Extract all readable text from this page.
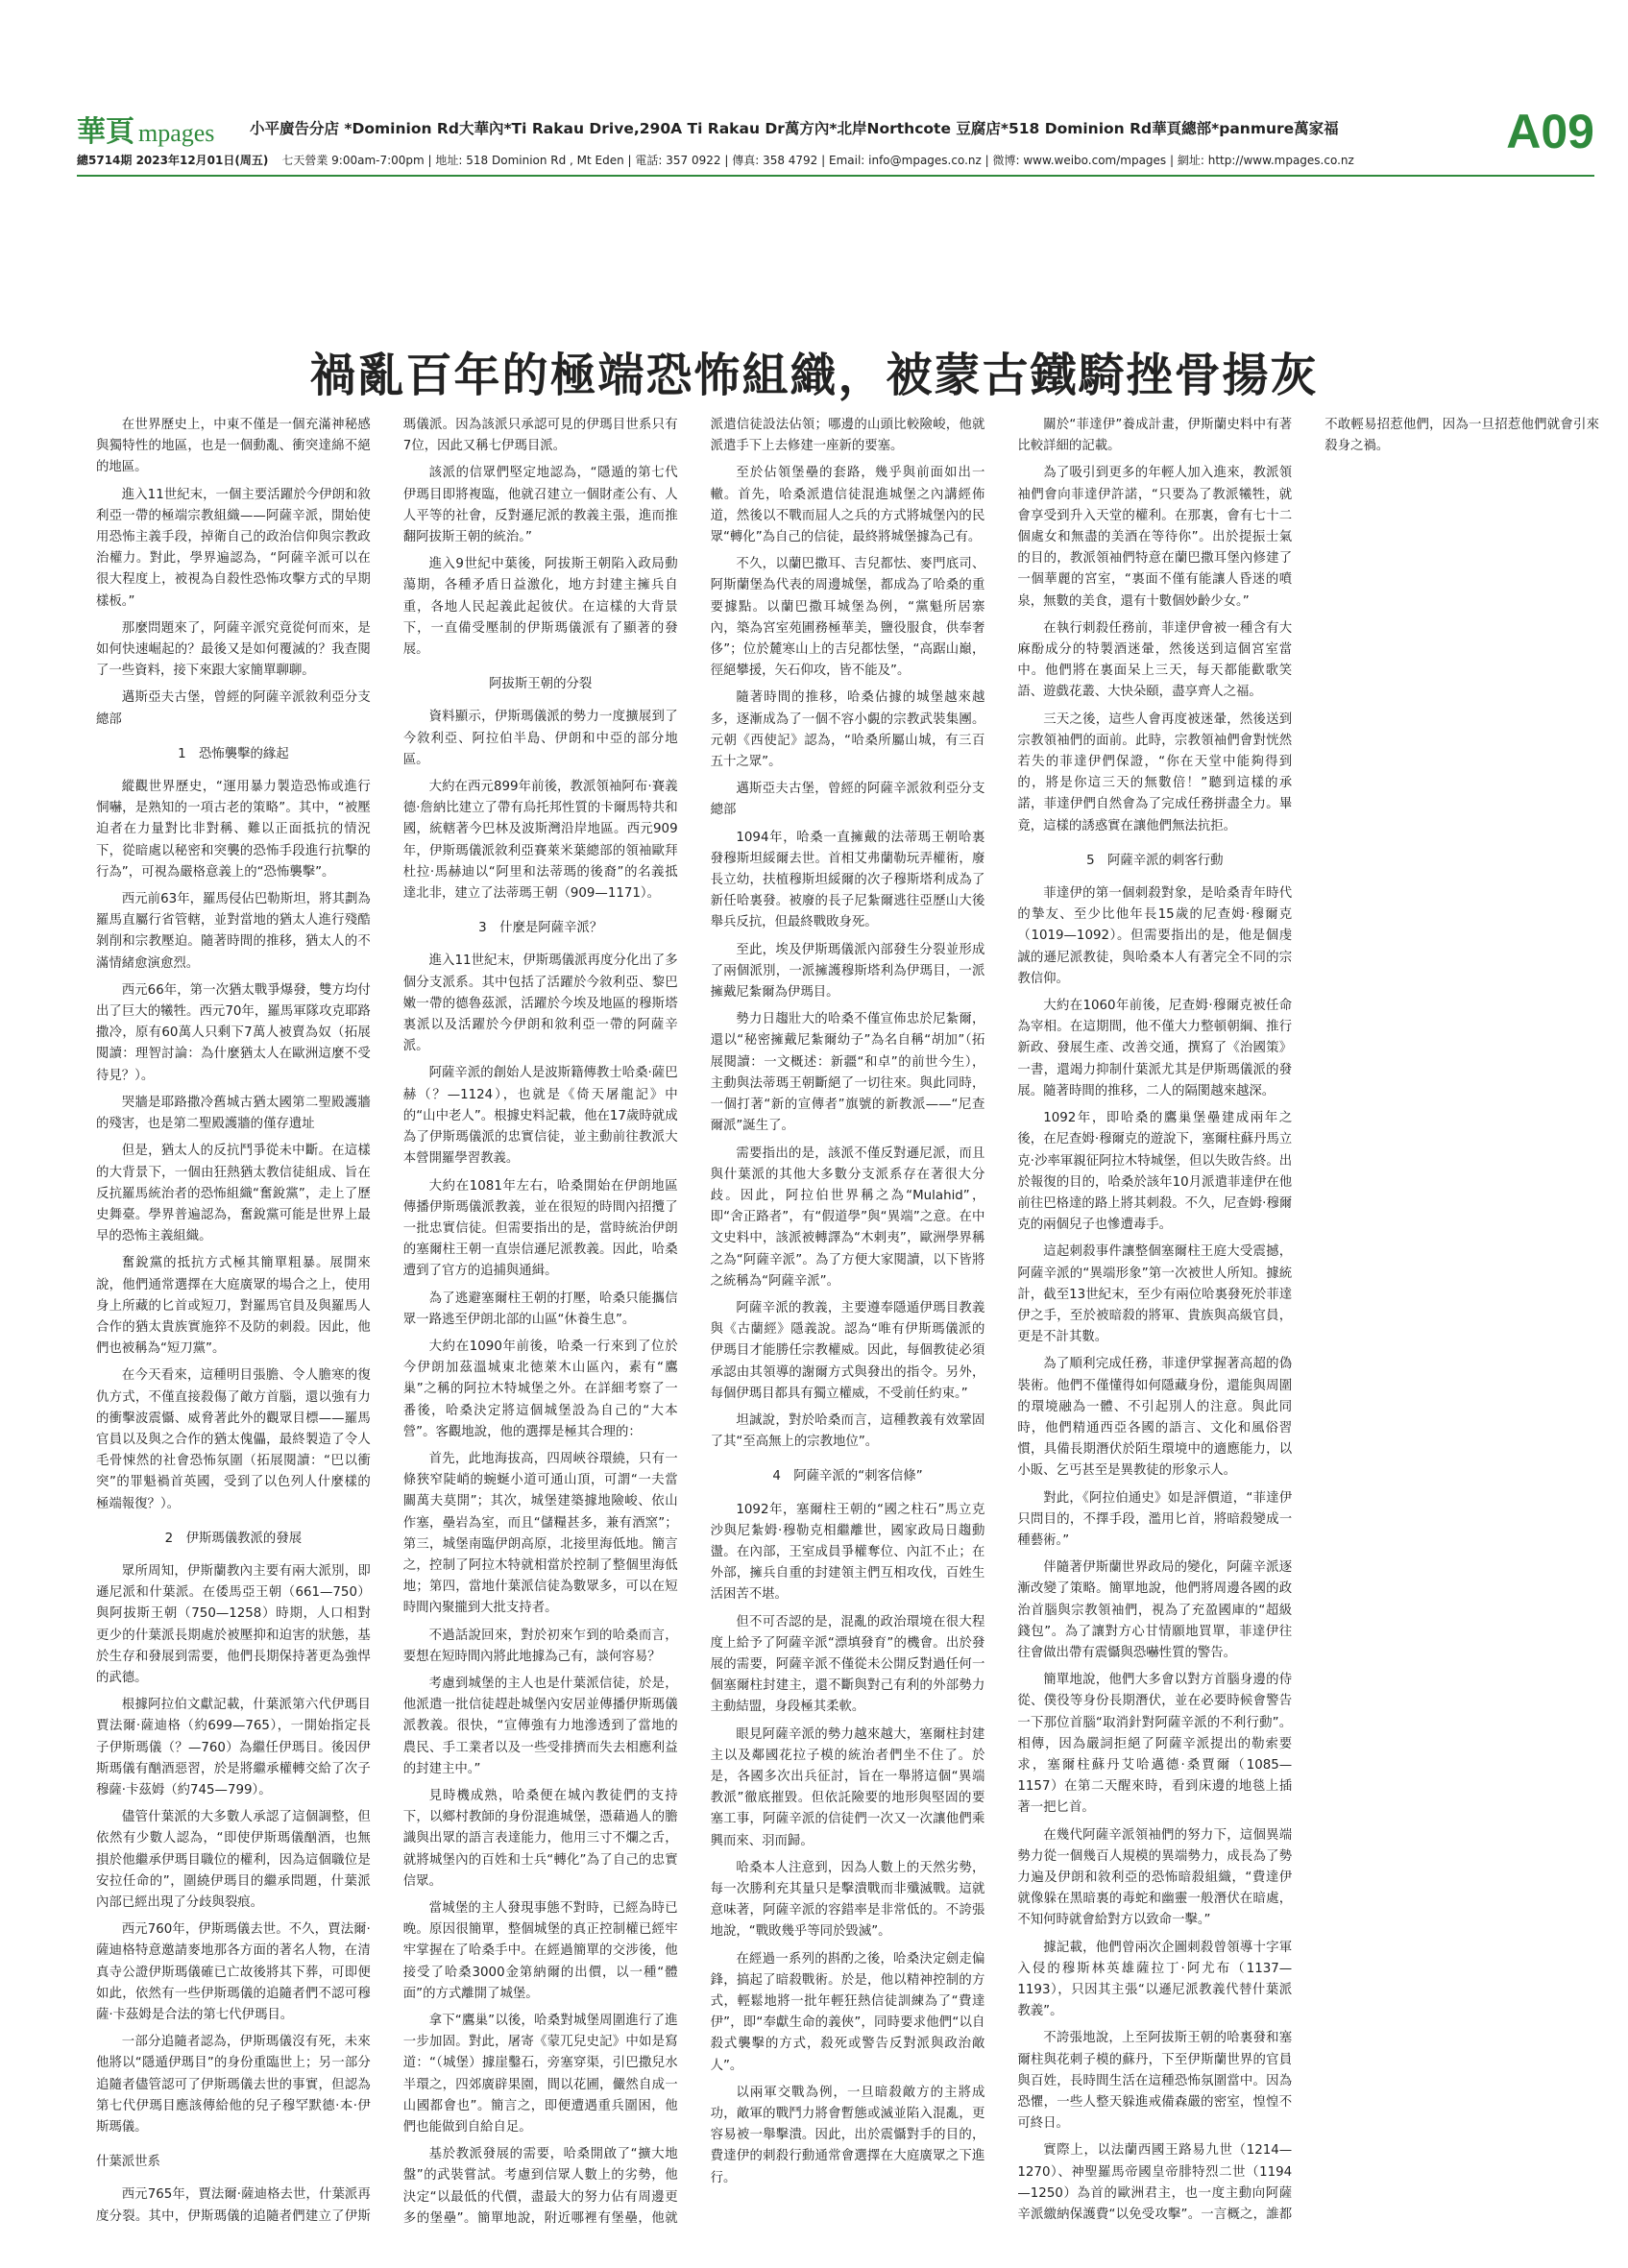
華頁 mpages 小平廣告分店 *Dominion Rd大華內*Ti Rakau Drive,290A Ti Rakau Dr萬方內*北岸Northcote 豆腐店*518 Dominion Rd華頁總部*panmure萬家福	A09
總5714期 2023年12月01日(周五) 七天營業 9:00am-7:00pm | 地址: 518 Dominion Rd , Mt Eden | 電話: 357 0922 | 傳真: 358 4792 | Email: info@mpages.co.nz | 微博: www.weibo.com/mpages | 網址: http://www.mpages.co.nz
禍亂百年的極端恐怖組織，被蒙古鐵騎挫骨揚灰

在世界歷史上，中東不僅是一個充滿神秘感與獨特性的地區，也是一個動亂、衝突達綿不絕的地區。

進入11世紀末，一個主要活躍於今伊朗和敘利亞一帶的極端宗教組織——阿薩辛派，開始使用恐怖主義手段，掉衛自己的政治信仰與宗教政治權力。對此，學界遍認為，“阿薩辛派可以在很大程度上，被視為自殺性恐怖攻擊方式的早期樣板。”

那麼問題來了，阿薩辛派究竟從何而來，是如何快速崛起的？最後又是如何覆滅的？我查閱了一些資料，接下來跟大家簡單聊聊。

邁斯亞夫古堡，曾經的阿薩辛派敘利亞分支總部

1　恐怖襲擊的緣起

縱觀世界歷史，“運用暴力製造恐怖或進行恫嚇，是熟知的一項古老的策略”。其中，“被壓迫者在力量對比非對稱、難以正面抵抗的情況下，從暗處以秘密和突襲的恐怖手段進行抗擊的行為”，可視為嚴格意義上的“恐怖襲擊”。

西元前63年，羅馬侵佔巴勒斯坦，將其劃為羅馬直屬行省管轄，並對當地的猶太人進行殘酷剝削和宗教壓迫。隨著時間的推移，猶太人的不滿情緒愈演愈烈。

西元66年，第一次猶太戰爭爆發，雙方均付出了巨大的犧牲。西元70年，羅馬軍隊攻克耶路撒冷，原有60萬人只剩下7萬人被賣為奴（拓展閱讀：理智討論：為什麼猶太人在歐洲這麼不受待見？）。

哭牆是耶路撒冷舊城古猶太國第二聖殿護牆的殘害，也是第二聖殿護牆的僅存遺址

但是，猶太人的反抗鬥爭從未中斷。在這樣的大背景下，一個由狂熱猶太教信徒組成、旨在反抗羅馬統治者的恐怖組織“奮銳黨”，走上了歷史舞臺。學界普遍認為，奮銳黨可能是世界上最早的恐怖主義組織。

奮銳黨的抵抗方式極其簡單粗暴。展開來說，他們通常選擇在大庭廣眾的場合之上，使用身上所藏的匕首或短刀，對羅馬官員及與羅馬人合作的猶太貴族實施猝不及防的刺殺。因此，他們也被稱為“短刀黨”。

在今天看來，這種明目張膽、令人膽寒的復仇方式，不僅直接殺傷了敵方首腦，還以強有力的衝擊波震懾、威脅著此外的觀眾目標——羅馬官員以及與之合作的猶太傀儡，最終製造了令人毛骨悚然的社會恐怖氛圍（拓展閱讀：“巴以衝突”的罪魁禍首英國，受到了以色列人什麼樣的極端報復？）。

2　伊斯瑪儀教派的發展

眾所周知，伊斯蘭教內主要有兩大派別，即遜尼派和什葉派。在倭馬亞王朝（661—750）與阿拔斯王朝（750—1258）時期，人口相對更少的什葉派長期處於被壓抑和迫害的狀態，基於生存和發展到需要，他們長期保持著更為強悍的武德。

根據阿拉伯文獻記載，什葉派第六代伊瑪目賈法爾·薩迪格（約699—765），一開始指定長子伊斯瑪儀（？—760）為繼任伊瑪目。後因伊斯瑪儀有酗酒惡習，於是將繼承權轉交給了次子穆薩·卡茲姆（約745—799）。

儘管什葉派的大多數人承認了這個調整，但依然有少數人認為，“即使伊斯瑪儀酗酒，也無損於他繼承伊瑪目職位的權利，因為這個職位是安拉任命的”，圍繞伊瑪目的繼承問題，什葉派內部已經出現了分歧與裂痕。

西元760年，伊斯瑪儀去世。不久，賈法爾·薩迪格特意邀請麥地那各方面的著名人物，在清真寺公證伊斯瑪儀確已亡故後將其下葬，可即便如此，依然有一些伊斯瑪儀的追隨者們不認可穆薩·卡茲姆是合法的第七代伊瑪目。

一部分追隨者認為，伊斯瑪儀沒有死，未來他將以“隱遁伊瑪目”的身份重臨世上；另一部分追隨者儘管認可了伊斯瑪儀去世的事實，但認為第七代伊瑪目應該傳給他的兒子穆罕默德·本·伊斯瑪儀。

什葉派世系

西元765年，賈法爾·薩迪格去世，什葉派再度分裂。其中，伊斯瑪儀的追隨者們建立了伊斯瑪儀派。因為該派只承認可見的伊瑪目世系只有7位，因此又稱七伊瑪目派。

該派的信眾們堅定地認為，“隱遁的第七代伊瑪目即將複臨，他就召建立一個財產公有、人人平等的社會，反對遜尼派的教義主張，進而推翻阿拔斯王朝的統治。”

進入9世紀中葉後，阿拔斯王朝陷入政局動蕩期，各種矛盾日益激化，地方封建主擁兵自重，各地人民起義此起彼伏。在這樣的大背景下，一直備受壓制的伊斯瑪儀派有了顯著的發展。

阿拔斯王朝的分裂

資料顯示，伊斯瑪儀派的勢力一度擴展到了今敘利亞、阿拉伯半島、伊朗和中亞的部分地區。

大約在西元899年前後，教派領袖阿布·賽義德·詹納比建立了帶有烏托邦性質的卡爾馬特共和國，統轄著今巴林及波斯灣沿岸地區。西元909年，伊斯瑪儀派敘利亞賽萊米葉總部的領袖歐拜杜拉·馬赫迪以“阿里和法蒂瑪的後裔”的名義抵達北非，建立了法蒂瑪王朝（909—1171）。

3　什麼是阿薩辛派？

進入11世紀末，伊斯瑪儀派再度分化出了多個分支派系。其中包括了活躍於今敘利亞、黎巴嫩一帶的德魯茲派，活躍於今埃及地區的穆斯塔裏派以及活躍於今伊朗和敘利亞一帶的阿薩辛派。

阿薩辛派的創始人是波斯籍傳教士哈桑·薩巴赫（？—1124），也就是《倚天屠龍記》中的“山中老人”。根據史料記載，他在17歲時就成為了伊斯瑪儀派的忠實信徒，並主動前往教派大本營開羅學習教義。

大約在1081年左右，哈桑開始在伊朗地區傳播伊斯瑪儀派教義，並在很短的時間內招攬了一批忠實信徒。但需要指出的是，當時統治伊朗的塞爾柱王朝一直崇信遜尼派教義。因此，哈桑遭到了官方的追捕與通緝。

為了逃避塞爾柱王朝的打壓，哈桑只能攜信眾一路逃至伊朗北部的山區“休養生息”。

大約在1090年前後，哈桑一行來到了位於今伊朗加茲溫城東北徳萊木山區內，素有“鷹巢”之稱的阿拉木特城堡之外。在詳細考察了一番後，哈桑決定將這個城堡設為自己的“大本營”。客觀地說，他的選擇是極其合理的：

首先，此地海拔高，四周峽谷環繞，只有一條狹窄陡峭的蜿蜒小道可通山頂，可謂“一夫當關萬夫莫開”；其次，城堡建築據地險峻、依山作塞，壘岩為室，而且“儲糧甚多，兼有酒窯”；第三，城堡南臨伊朗高原，北接里海低地。簡言之，控制了阿拉木特就相當於控制了整個里海低地；第四，當地什葉派信徒為數眾多，可以在短時間內聚攏到大批支持者。

不過話說回來，對於初來乍到的哈桑而言，要想在短時間內將此地據為己有，談何容易？

考慮到城堡的主人也是什葉派信徒，於是，他派遣一批信徒趕赴城堡內安居並傳播伊斯瑪儀派教義。很快，“宣傳強有力地滲透到了當地的農民、手工業者以及一些受排擠而失去相應利益的封建主中。”

見時機成熟，哈桑便在城內教徒們的支持下，以鄉村教師的身份混進城堡，憑藉過人的膽識與出眾的語言表達能力，他用三寸不爛之舌，就將城堡內的百姓和士兵“轉化”為了自己的忠實信眾。

當城堡的主人發現事態不對時，已經為時已晚。原因很簡單，整個城堡的真正控制權已經牢牢掌握在了哈桑手中。在經過簡單的交涉後，他接受了哈桑3000金第納爾的出價，以一種“體面”的方式離開了城堡。

拿下“鷹巢”以後，哈桑對城堡周圍進行了進一步加固。對此，屠寄《蒙兀兒史記》中如是寫道：“（城堡）據崖鑿石，旁塞穿渠，引巴撒兒水半環之，四郊廣辟果園，間以花圃，儼然自成一山國都會也”。簡言之，即便遭遇重兵圍困，他們也能做到自給自足。

基於教派發展的需要，哈桑開啟了“擴大地盤”的武裝嘗試。考慮到信眾人數上的劣勢，他決定“以最低的代價，盡最大的努力佔有周邊更多的堡壘”。簡單地說，附近哪裡有堡壘，他就派遣信徒設法佔領；哪邊的山頭比較險峻，他就派遣手下上去修建一座新的要塞。

至於佔領堡壘的套路，幾乎與前面如出一轍。首先，哈桑派遣信徒混進城堡之內講經佈道，然後以不戰而屈人之兵的方式將城堡內的民眾“轉化”為自己的信徒，最終將城堡據為己有。

不久，以蘭巴撒耳、吉兒都怯、麥門底司、阿斯蘭堡為代表的周邊城堡，都成為了哈桑的重要據點。以蘭巴撒耳城堡為例，“黨魁所居寨內，築為宮室苑圃務極華美，鹽役服食，供奉奢侈”；位於麓寒山上的吉兒都怯堡，“高踞山巔，徑絕攀援，矢石仰攻，皆不能及”。

隨著時間的推移，哈桑佔據的城堡越來越多，逐漸成為了一個不容小覷的宗教武裝集團。元朝《西使記》認為，“哈桑所屬山城，有三百五十之眾”。

邁斯亞夫古堡，曾經的阿薩辛派敘利亞分支總部

1094年，哈桑一直擁戴的法蒂瑪王朝哈裏發穆斯坦綏爾去世。首相艾弗蘭勒玩弄權術，廢長立幼，扶植穆斯坦綏爾的次子穆斯塔利成為了新任哈裏發。被廢的長子尼紮爾逃往亞歷山大後舉兵反抗，但最終戰敗身死。

至此，埃及伊斯瑪儀派內部發生分裂並形成了兩個派別，一派擁護穆斯塔利為伊瑪目，一派擁戴尼紮爾為伊瑪目。

勢力日趨壯大的哈桑不僅宣佈忠於尼紮爾，還以“秘密擁戴尼紮爾幼子”為名自稱“胡加”（拓展閱讀：一文概述：新疆“和卓”的前世今生），主動與法蒂瑪王朝斷絕了一切往來。與此同時，一個打著“新的宣傳者”旗號的新教派——“尼查爾派”誕生了。

需要指出的是，該派不僅反對遜尼派，而且與什葉派的其他大多數分支派系存在著很大分歧。因此，阿拉伯世界稱之為“Mulahid”，即“舍正路者”，有“假道學”與“異端”之意。在中文史料中，該派被轉譯為“木剌夷”，歐洲學界稱之為“阿薩辛派”。為了方便大家閱讀，以下皆將之統稱為“阿薩辛派”。

阿薩辛派的教義，主要遵奉隱遁伊瑪目教義與《古蘭經》隱義說。認為“唯有伊斯瑪儀派的伊瑪目才能勝任宗教權威。因此，每個教徒必須承認由其領導的謝爾方式與發出的指令。另外，每個伊瑪目都具有獨立權威，不受前任約束。”

坦誠說，對於哈桑而言，這種教義有效鞏固了其“至高無上的宗教地位”。

4　阿薩辛派的“刺客信條”

1092年，塞爾柱王朝的“國之柱石”馬立克沙與尼紮姆·穆勒克相繼離世，國家政局日趨動盪。在內部，王室成員爭權奪位、內訌不止；在外部，擁兵自重的封建領主們互相攻伐，百姓生活困苦不堪。

但不可否認的是，混亂的政治環境在很大程度上給予了阿薩辛派“漂填發育”的機會。出於發展的需要，阿薩辛派不僅從未公開反對過任何一個塞爾柱封建主，還不斷與對己有利的外部勢力主動結盟，身段極其柔軟。

眼見阿薩辛派的勢力越來越大，塞爾柱封建主以及鄰國花拉子模的統治者們坐不住了。於是，各國多次出兵征討，旨在一舉將這個“異端教派”徹底摧毀。但依託險要的地形與堅固的要塞工事，阿薩辛派的信徒們一次又一次讓他們乘興而來、羽而歸。

哈桑本人注意到，因為人數上的天然劣勢，每一次勝利充其量只是擊潰戰而非殲滅戰。這就意味著，阿薩辛派的容錯率是非常低的。不誇張地說，“戰敗幾乎等同於毀滅”。

在經過一系列的斟酌之後，哈桑決定劍走偏鋒，搞起了暗殺戰術。於是，他以精神控制的方式，輕鬆地將一批年輕狂熱信徒訓練為了“費達伊”，即“奉獻生命的義俠”，同時要求他們“以自殺式襲擊的方式，殺死或警告反對派與政治敵人”。

以兩軍交戰為例，一旦暗殺敵方的主將成功，敵軍的戰鬥力將會暫態或滅並陷入混亂，更容易被一舉擊潰。因此，出於震懾對手的目的，費達伊的刺殺行動通常會選擇在大庭廣眾之下進行。

關於“菲達伊”養成計畫，伊斯蘭史料中有著比較詳細的記載。

為了吸引到更多的年輕人加入進來，教派領袖們會向菲達伊許諾，“只要為了教派犧牲，就會享受到升入天堂的權利。在那裏，會有七十二個處女和無盡的美酒在等待你”。出於提振士氣的目的，教派領袖們特意在蘭巴撒耳堡內修建了一個華麗的宮室，“裏面不僅有能讓人昏迷的噴泉，無數的美食，還有十數個妙齡少女。”

在執行刺殺任務前，菲達伊會被一種含有大麻酚成分的特製酒迷暈，然後送到這個宮室當中。他們將在裏面呆上三天，每天都能歡歌笑語、遊戲花叢、大快朵頤，盡享齊人之福。

三天之後，這些人會再度被迷暈，然後送到宗教領袖們的面前。此時，宗教領袖們會對恍然若失的菲達伊們保證，“你在天堂中能夠得到的，將是你這三天的無數倍！”聽到這樣的承諾，菲達伊們自然會為了完成任務拼盡全力。畢竟，這樣的誘惑實在讓他們無法抗拒。

5　阿薩辛派的刺客行動

菲達伊的第一個刺殺對象，是哈桑青年時代的摯友、至少比他年長15歲的尼查姆·穆爾克（1019—1092）。但需要指出的是，他是個虔誠的遜尼派教徒，與哈桑本人有著完全不同的宗教信仰。

大約在1060年前後，尼查姆·穆爾克被任命為宰相。在這期間，他不僅大力整頓朝綱、推行新政、發展生產、改善交通，撰寫了《治國策》一書，還竭力抑制什葉派尤其是伊斯瑪儀派的發展。隨著時間的推移，二人的隔閡越來越深。

1092年，即哈桑的鷹巢堡壘建成兩年之後，在尼查姆·穆爾克的遊說下，塞爾柱蘇丹馬立克·沙率軍親征阿拉木特城堡，但以失敗告終。出於報復的目的，哈桑於該年10月派遣菲達伊在他前往巴格達的路上將其刺殺。不久，尼查姆·穆爾克的兩個兒子也慘遭毒手。

這起刺殺事件讓整個塞爾柱王庭大受震撼，阿薩辛派的“異端形象”第一次被世人所知。據統計，截至13世紀末，至少有兩位哈裏發死於菲達伊之手，至於被暗殺的將軍、貴族與高級官員，更是不計其數。

為了順利完成任務，菲達伊掌握著高超的偽裝術。他們不僅懂得如何隱藏身份，還能與周圍的環境融為一體、不引起別人的注意。與此同時，他們精通西亞各國的語言、文化和風俗習慣，具備長期潛伏於陌生環境中的適應能力，以小販、乞丐甚至是異教徒的形象示人。

對此，《阿拉伯通史》如是評價道，“菲達伊只問目的，不擇手段，濫用匕首，將暗殺變成一種藝術。”

伴隨著伊斯蘭世界政局的變化，阿薩辛派逐漸改變了策略。簡單地說，他們將周邊各國的政治首腦與宗教領袖們，視為了充盈國庫的“超級錢包”。為了讓對方心甘情願地買單，菲達伊往往會做出帶有震懾與恐嚇性質的警告。

簡單地說，他們大多會以對方首腦身邊的侍從、僕役等身份長期潛伏，並在必要時候會警告一下那位首腦“取消針對阿薩辛派的不利行動”。相傳，因為嚴詞拒絕了阿薩辛派提出的勒索要求，塞爾柱蘇丹艾哈邁德·桑賈爾（1085—1157）在第二天醒來時，看到床邊的地毯上插著一把匕首。

在幾代阿薩辛派領袖們的努力下，這個異端勢力從一個幾百人規模的異端勢力，成長為了勢力遍及伊朗和敘利亞的恐怖暗殺組織，“費達伊就像躲在黑暗裏的毒蛇和幽靈一般潛伏在暗處，不知何時就會給對方以致命一擊。”

據記載，他們曾兩次企圖刺殺曾領導十字軍入侵的穆斯林英雄薩拉丁·阿尤布（1137—1193），只因其主張“以遜尼派教義代替什葉派教義”。

不誇張地說，上至阿拔斯王朝的哈裏發和塞爾柱與花刺子模的蘇丹，下至伊斯蘭世界的官員與百姓，長時間生活在這種恐怖氛圍當中。因為恐懼，一些人整天躲進戒備森嚴的密室，惶惶不可終日。

實際上，以法蘭西國王路易九世（1214—1270）、神聖羅馬帝國皇帝腓特烈二世（1194—1250）為首的歐洲君主，也一度主動向阿薩辛派繳納保護費“以免受攻擊”。一言概之，誰都不敢輕易招惹他們，因為一旦招惹他們就會引來殺身之禍。
